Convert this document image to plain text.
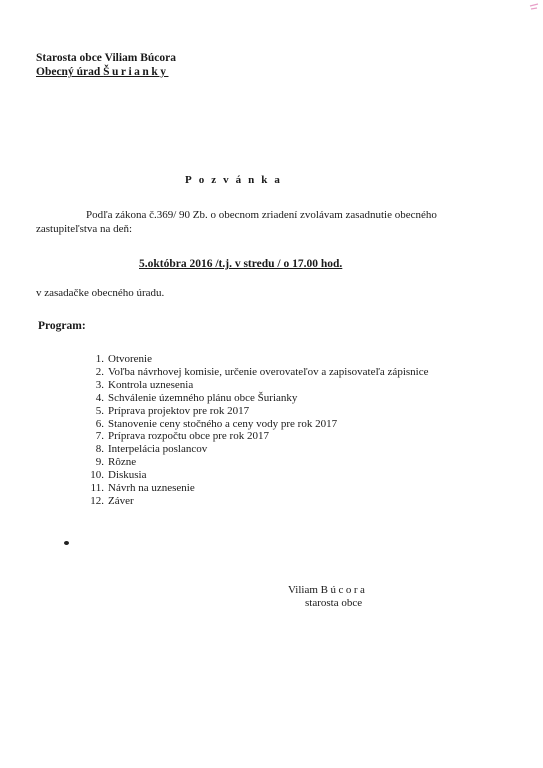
Starosta obce Viliam Búcora
Obecný úrad Šurianky
Pozvánka
Podľa zákona č.369/ 90 Zb. o obecnom zriadení zvolávam zasadnutie obecného
zastupiteľstva na deň:
5.októbra 2016 /t.j. v stredu / o 17.00 hod.
v zasadačke obecného úradu.
Program:
1. Otvorenie
2. Voľba návrhovej komisie, určenie overovateľov a zapisovateľa zápisnice
3. Kontrola uznesenia
4. Schválenie územného plánu obce Šurianky
5. Príprava projektov pre rok 2017
6. Stanovenie ceny stočného a ceny vody pre rok 2017
7. Príprava rozpočtu obce pre rok 2017
8. Interpelácia poslancov
9. Rôzne
10. Diskusia
11. Návrh na uznesenie
12. Záver
Viliam Búcora
starosta obce
